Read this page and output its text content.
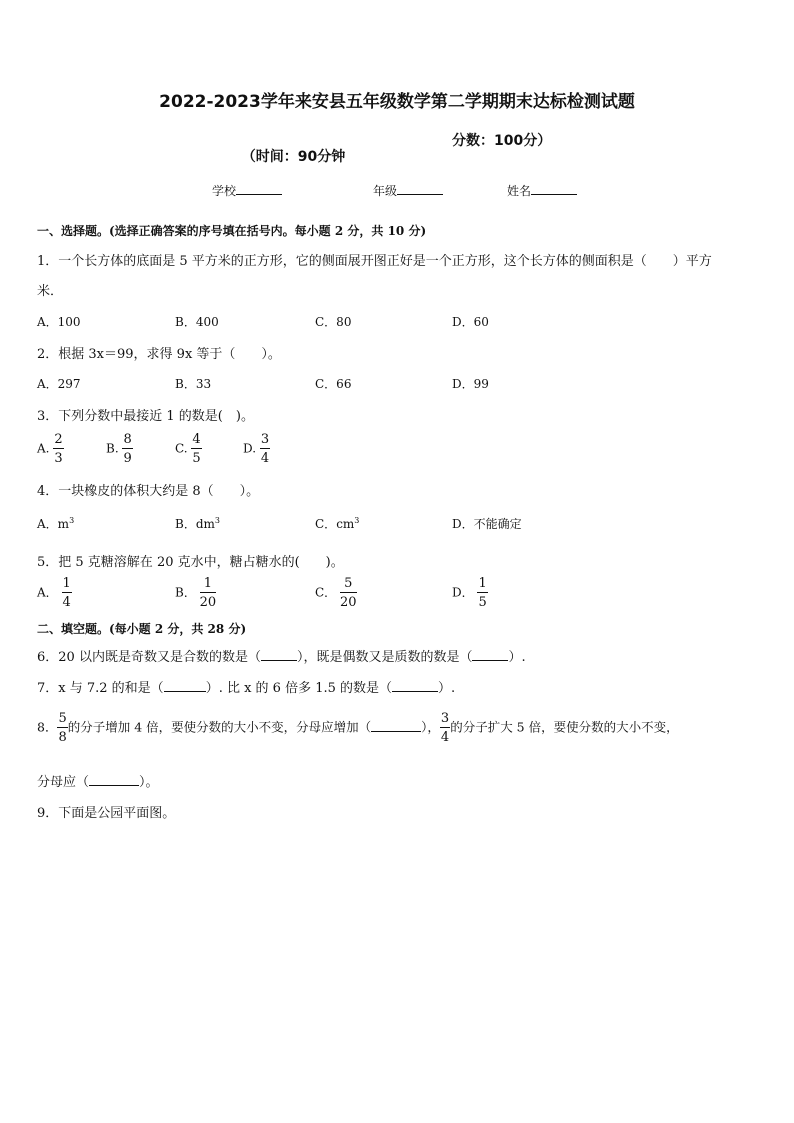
2022-2023学年来安县五年级数学第二学期期末达标检测试题

（时间：90分钟

分数：100分）

学校	年级	姓名
一、选择题。(选择正确答案的序号填在括号内。每小题 2 分，共 10 分)
1．一个长方体的底面是 5 平方米的正方形，它的侧面展开图正好是一个正方形，这个长方体的侧面积是（　　）平方
米．
A．100	B．400	C．80	D．60
2．根据 3x＝99，求得 9x 等于（　　）。
A．297	B．33	C．66	D．99
3．下列分数中最接近 1 的数是(　)。
A. $\frac{2}{3}$	B. $\frac{8}{9}$	C. $\frac{4}{5}$	D. $\frac{3}{4}$
4．一块橡皮的体积大约是 8（　　）。
A．$m^3$	B．$dm^3$	C．$cm^3$	D．不能确定
5．把 5 克糖溶解在 20 克水中，糖占糖水的(　　)。
A． $\frac{1}{4}$	B． $\frac{1}{20}$	C． $\frac{5}{20}$	D． $\frac{1}{5}$
二、填空题。(每小题 2 分，共 28 分)
6．20 以内既是奇数又是合数的数是（	），既是偶数又是质数的数是（	）.
7．x 与 7.2 的和是（	）. 比 x 的 6 倍多 1.5 的数是（	）.
8． $\frac{5}{8}$ 的分子增加 4 倍，要使分数的大小不变，分母应增加（	）， $\frac{3}{4}$ 的分子扩大 5 倍，要使分数的大小不变，
分母应（	）。
9．下面是公园平面图。
